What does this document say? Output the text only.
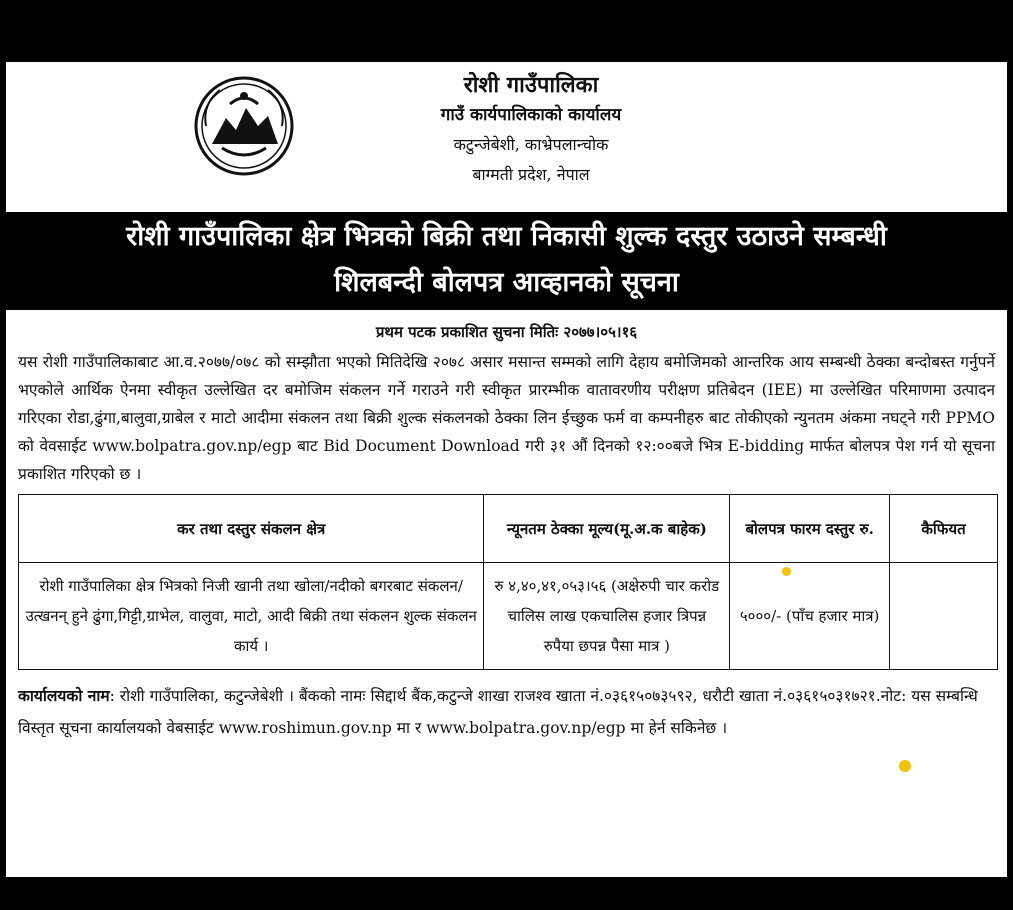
रोशी गाउँपालिका
गाउँ कार्यपालिकाको कार्यालय
कटुन्जेबेशी, काभ्रेपलान्चोक
बाग्मती प्रदेश, नेपाल
रोशी गाउँपालिका क्षेत्र भित्रको बिक्री तथा निकासी शुल्क दस्तुर उठाउने सम्बन्धी
शिलबन्दी बोलपत्र आव्हानको सूचना
प्रथम पटक प्रकाशित सुचना मितिः २०७७।०५।१६
यस रोशी गाउँपालिकाबाट आ.व.२०७७/०७८ को सम्झौता भएको मितिदेखि २०७८ असार मसान्त सम्मको लागि देहाय बमोजिमको आन्तरिक आय सम्बन्धी ठेक्का बन्दोबस्त गर्नुपर्ने भएकोले आर्थिक ऐनमा स्वीकृत उल्लेखित दर बमोजिम संकलन गर्ने गराउने गरी स्वीकृत प्रारम्भीक वातावरणीय परीक्षण प्रतिबेदन (IEE) मा उल्लेखित परिमाणमा उत्पादन गरिएका रोडा,ढुंगा,बालुवा,ग्राबेल र माटो आदीमा संकलन तथा बिक्री शुल्क संकलनको ठेक्का लिन ईच्छुक फर्म वा कम्पनीहरु बाट तोकीएको न्युनतम अंकमा नघट्ने गरी PPMO को वेवसाईट www.bolpatra.gov.np/egp बाट Bid Document Download गरी ३१ औं दिनको १२:००बजे भित्र E-bidding मार्फत बोलपत्र पेश गर्न यो सूचना प्रकाशित गरिएको छ ।
कर तथा दस्तुर संकलन क्षेत्र	न्यूनतम ठेक्का मूल्य(मू.अ.क बाहेक)	बोलपत्र फारम दस्तुर रु.	कैफियत
रोशी गाउँपालिका क्षेत्र भित्रको निजी खानी तथा खोला/नदीको बगरबाट संकलन/उत्खनन् हुने ढुंगा,गिट्टी,ग्राभेल, वालुवा, माटो, आदी बिक्री तथा संकलन शुल्क संकलन कार्य ।	रु ४,४०,४१,०५३।५६ (अक्षेरुपी चार करोड चालिस लाख एकचालिस हजार त्रिपन्न रुपैया छपन्न पैसा मात्र )	५०००/- (पाँच हजार मात्र)	
कार्यालयको नाम: रोशी गाउँपालिका, कटुन्जेबेशी । बैंकको नामः सिद्दार्थ बैंक,कटुन्जे शाखा राजश्व खाता नं.०३६१५०७३५९२, धरौटी खाता नं.०३६१५०३१७२१.नोट: यस सम्बन्धि विस्तृत सूचना कार्यालयको वेबसाईट www.roshimun.gov.np मा र www.bolpatra.gov.np/egp मा हेर्न सकिनेछ ।
